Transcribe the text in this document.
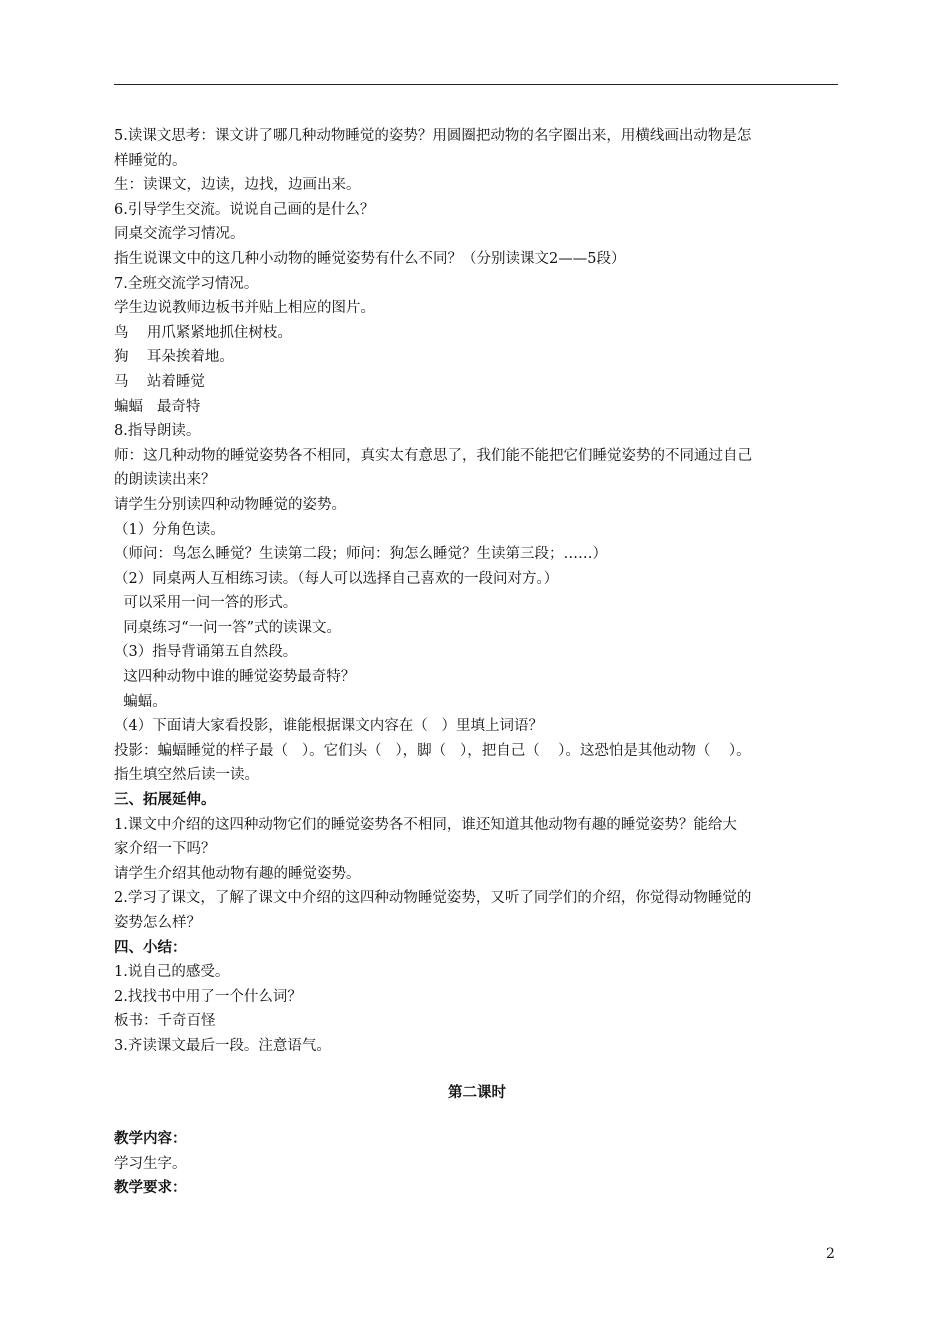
5.读课文思考：课文讲了哪几种动物睡觉的姿势？用圆圈把动物的名字圈出来，用横线画出动物是怎
样睡觉的。
生：读课文，边读，边找，边画出来。
6.引导学生交流。说说自己画的是什么？
同桌交流学习情况。
指生说课文中的这几种小动物的睡觉姿势有什么不同？（分别读课文2——5段）
7.全班交流学习情况。
学生边说教师边板书并贴上相应的图片。
鸟    用爪紧紧地抓住树枝。
狗    耳朵挨着地。
马    站着睡觉
蝙蝠   最奇特
8.指导朗读。
师：这几种动物的睡觉姿势各不相同，真实太有意思了，我们能不能把它们睡觉姿势的不同通过自己
的朗读读出来？
请学生分别读四种动物睡觉的姿势。
（1）分角色读。
（师问：鸟怎么睡觉？生读第二段；师问：狗怎么睡觉？生读第三段；……）
（2）同桌两人互相练习读。（每人可以选择自己喜欢的一段问对方。）
可以采用一问一答的形式。
同桌练习“一问一答”式的读课文。
（3）指导背诵第五自然段。
这四种动物中谁的睡觉姿势最奇特？
蝙蝠。
（4）下面请大家看投影，谁能根据课文内容在（   ）里填上词语？
投影：蝙蝠睡觉的样子最（   ）。它们头（   ），脚（   ），把自己（    ）。这恐怕是其他动物（    ）。
指生填空然后读一读。
三、拓展延伸。
1.课文中介绍的这四种动物它们的睡觉姿势各不相同，谁还知道其他动物有趣的睡觉姿势？能给大
家介绍一下吗？
请学生介绍其他动物有趣的睡觉姿势。
2.学习了课文，了解了课文中介绍的这四种动物睡觉姿势，又听了同学们的介绍，你觉得动物睡觉的
姿势怎么样？
四、小结：
1.说自己的感受。
2.找找书中用了一个什么词？
板书：千奇百怪
3.齐读课文最后一段。注意语气。
第二课时
教学内容：
学习生字。
教学要求：
2
